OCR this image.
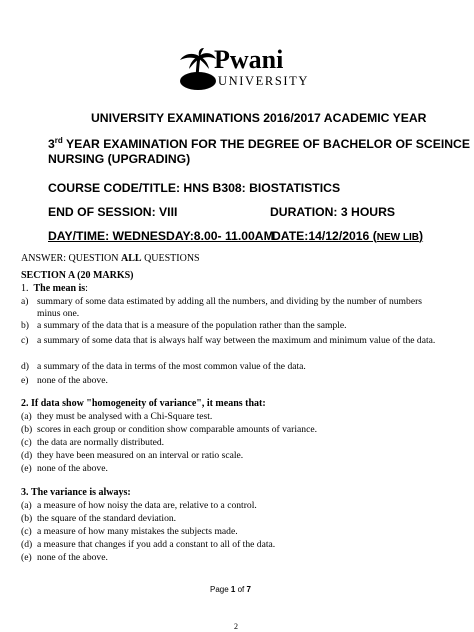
Pwani
UNIVERSITY
UNIVERSITY EXAMINATIONS 2016/2017 ACADEMIC YEAR
3rd YEAR EXAMINATION FOR THE DEGREE OF BACHELOR OF SCEINCE
NURSING (UPGRADING)
COURSE CODE/TITLE: HNS B308: BIOSTATISTICS
END OF SESSION: VIII	DURATION: 3 HOURS
DAY/TIME: WEDNESDAY:8.00- 11.00AM
DATE:14/12/2016 (NEW LIB)
ANSWER: QUESTION ALL QUESTIONS
SECTION A (20 MARKS)
1. The mean is:
a) summary of some data estimated by adding all the numbers, and dividing by the number of numbers minus one.
b) a summary of the data that is a measure of the population rather than the sample.
c) a summary of some data that is always half way between the maximum and minimum value of the data.
d) a summary of the data in terms of the most common value of the data.
e) none of the above.
2. If data show "homogeneity of variance", it means that:
(a) they must be analysed with a Chi-Square test.
(b) scores in each group or condition show comparable amounts of variance.
(c) the data are normally distributed.
(d) they have been measured on an interval or ratio scale.
(e) none of the above.
3. The variance is always:
(a) a measure of how noisy the data are, relative to a control.
(b) the square of the standard deviation.
(c) a measure of how many mistakes the subjects made.
(d) a measure that changes if you add a constant to all of the data.
(e) none of the above.
Page 1 of 7
2
